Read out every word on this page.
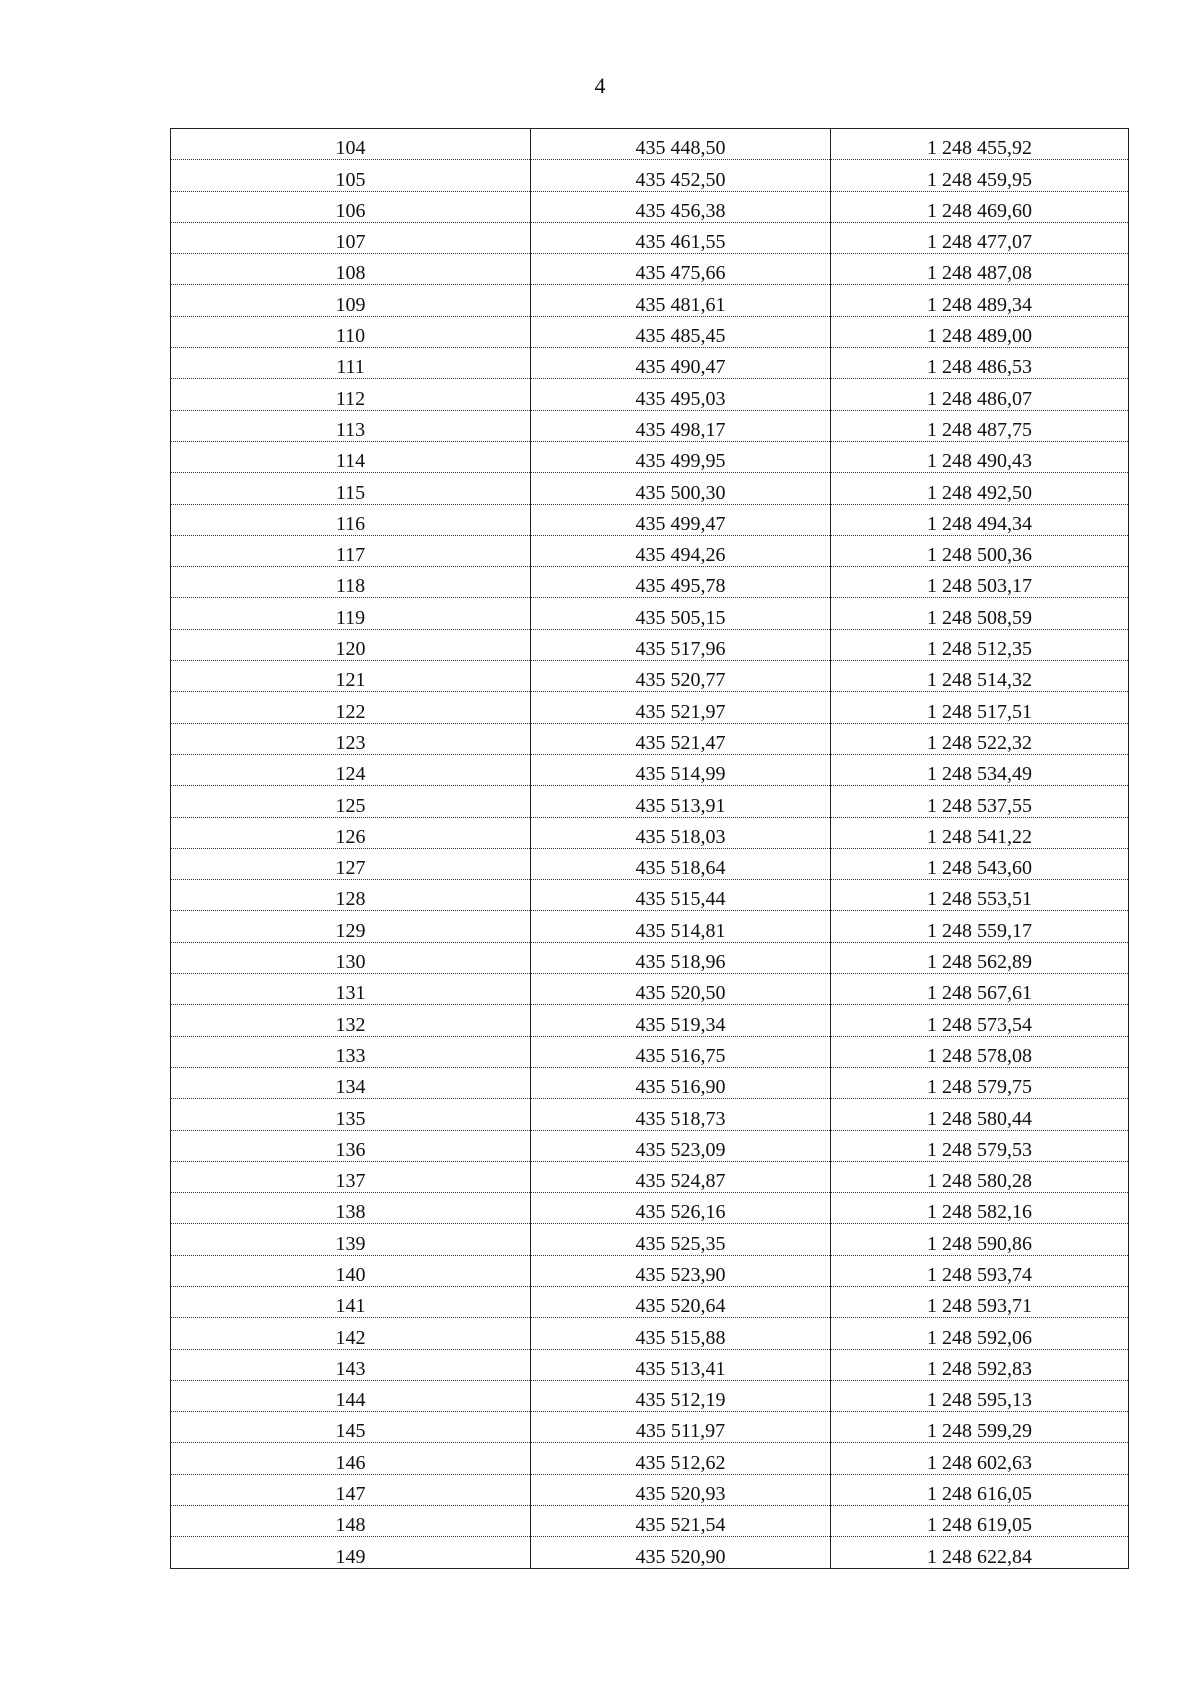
4
104	435 448,50	1 248 455,92
105	435 452,50	1 248 459,95
106	435 456,38	1 248 469,60
107	435 461,55	1 248 477,07
108	435 475,66	1 248 487,08
109	435 481,61	1 248 489,34
110	435 485,45	1 248 489,00
111	435 490,47	1 248 486,53
112	435 495,03	1 248 486,07
113	435 498,17	1 248 487,75
114	435 499,95	1 248 490,43
115	435 500,30	1 248 492,50
116	435 499,47	1 248 494,34
117	435 494,26	1 248 500,36
118	435 495,78	1 248 503,17
119	435 505,15	1 248 508,59
120	435 517,96	1 248 512,35
121	435 520,77	1 248 514,32
122	435 521,97	1 248 517,51
123	435 521,47	1 248 522,32
124	435 514,99	1 248 534,49
125	435 513,91	1 248 537,55
126	435 518,03	1 248 541,22
127	435 518,64	1 248 543,60
128	435 515,44	1 248 553,51
129	435 514,81	1 248 559,17
130	435 518,96	1 248 562,89
131	435 520,50	1 248 567,61
132	435 519,34	1 248 573,54
133	435 516,75	1 248 578,08
134	435 516,90	1 248 579,75
135	435 518,73	1 248 580,44
136	435 523,09	1 248 579,53
137	435 524,87	1 248 580,28
138	435 526,16	1 248 582,16
139	435 525,35	1 248 590,86
140	435 523,90	1 248 593,74
141	435 520,64	1 248 593,71
142	435 515,88	1 248 592,06
143	435 513,41	1 248 592,83
144	435 512,19	1 248 595,13
145	435 511,97	1 248 599,29
146	435 512,62	1 248 602,63
147	435 520,93	1 248 616,05
148	435 521,54	1 248 619,05
149	435 520,90	1 248 622,84
